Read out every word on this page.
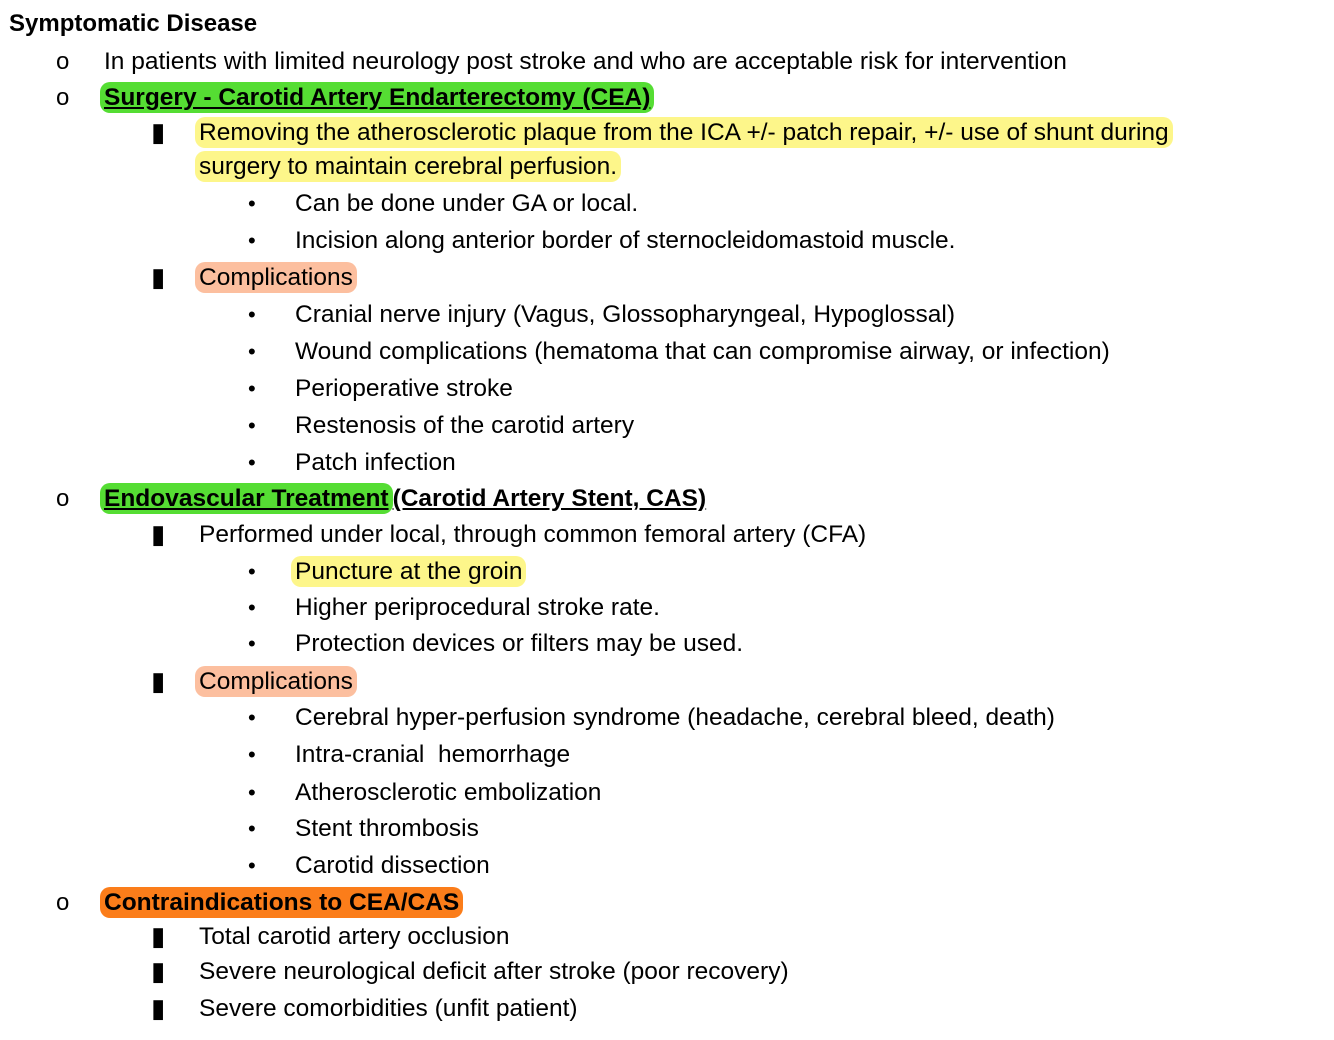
Symptomatic Disease
o In patients with limited neurology post stroke and who are acceptable risk for intervention
o Surgery - Carotid Artery Endarterectomy (CEA)
▮ Removing the atherosclerotic plaque from the ICA +/- patch repair, +/- use of shunt during
surgery to maintain cerebral perfusion.
• Can be done under GA or local.
• Incision along anterior border of sternocleidomastoid muscle.
▮ Complications
• Cranial nerve injury (Vagus, Glossopharyngeal, Hypoglossal)
• Wound complications (hematoma that can compromise airway, or infection)
• Perioperative stroke
• Restenosis of the carotid artery
• Patch infection
o Endovascular Treatment (Carotid Artery Stent, CAS)
▮ Performed under local, through common femoral artery (CFA)
• Puncture at the groin
• Higher periprocedural stroke rate.
• Protection devices or filters may be used.
▮ Complications
• Cerebral hyper-perfusion syndrome (headache, cerebral bleed, death)
• Intra-cranial  hemorrhage
• Atherosclerotic embolization
• Stent thrombosis
• Carotid dissection
o Contraindications to CEA/CAS
▮ Total carotid artery occlusion
▮ Severe neurological deficit after stroke (poor recovery)
▮ Severe comorbidities (unfit patient)
